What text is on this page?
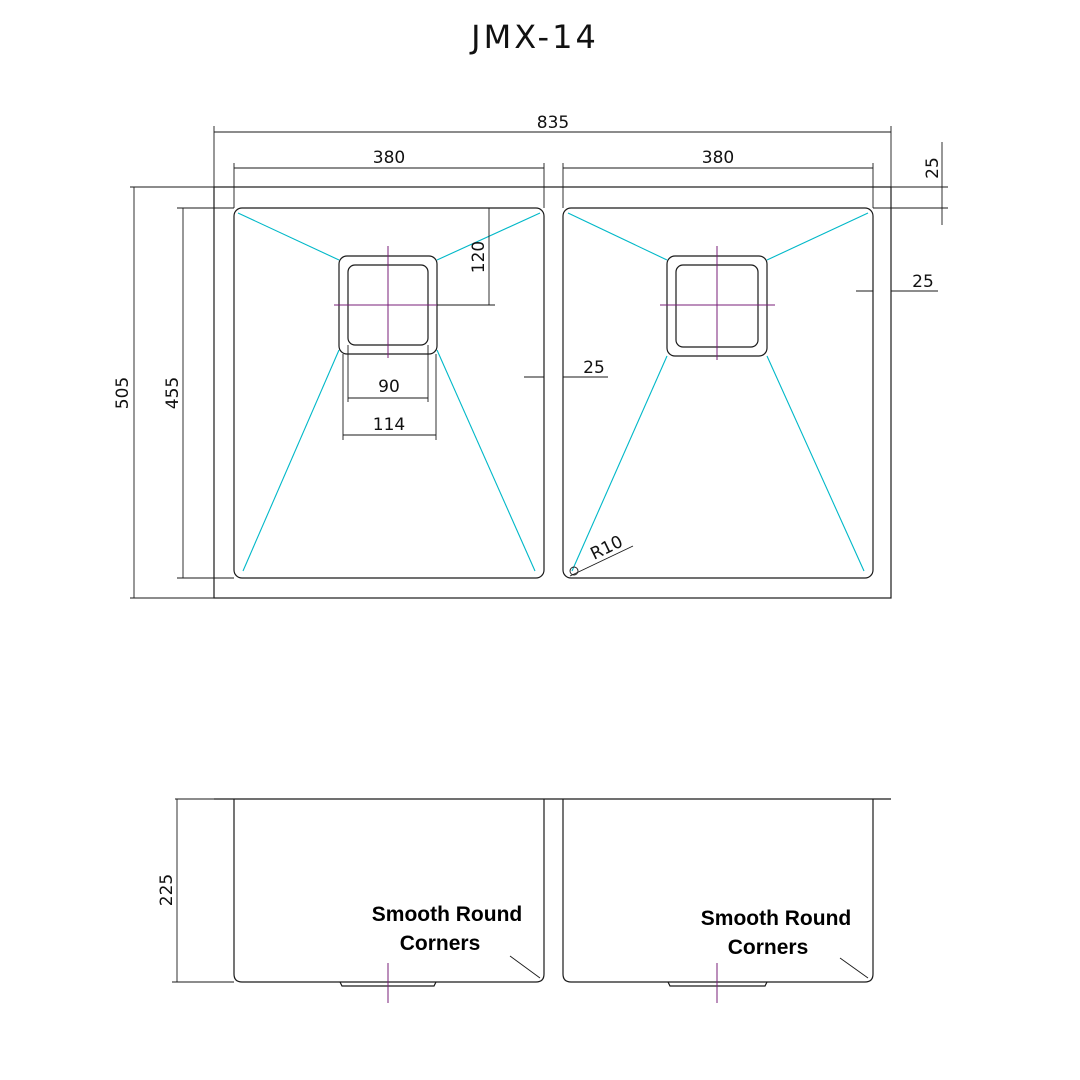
JMX-14
R10
835
380	380	25
25
25
505 455
120
90
114
225
Smooth Round
Corners
Smooth Round
Corners
